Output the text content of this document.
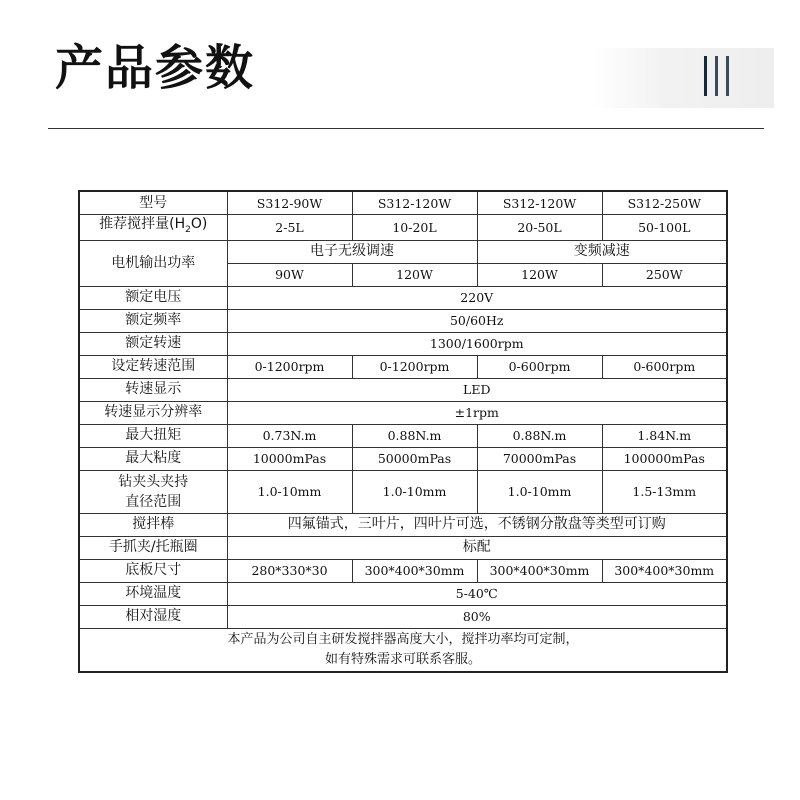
产品参数
型号	S312-90W	S312-120W	S312-120W	S312-250W
推荐搅拌量$(H_2O)$	2-5L	10-20L	20-50L	50-100L
电机输出功率	电子无级调速		变频减速	
	90W	120W	120W	250W
额定电压	220V			
额定频率	50/60Hz			
额定转速	1300/1600rpm			
设定转速范围	0-1200rpm	0-1200rpm	0-600rpm	0-600rpm
转速显示	LED			
转速显示分辨率	±1rpm			
最大扭矩	0.73N.m	0.88N.m	0.88N.m	1.84N.m
最大粘度	10000mPas	50000mPas	70000mPas	100000mPas

钻夹头夹持
直径范围	1.0-10mm	1.0-10mm	1.0-10mm	1.5-13mm
搅拌棒	四氟锚式，三叶片，四叶片可选，不锈钢分散盘等类型可订购			
手抓夹/托瓶圈	标配			
底板尺寸	280*330*30	300*400*30mm	300*400*30mm	300*400*30mm
环境温度	5-40℃			
相对湿度	80%			

本产品为公司自主研发搅拌器高度大小，搅拌功率均可定制，
如有特殊需求可联系客服。				
